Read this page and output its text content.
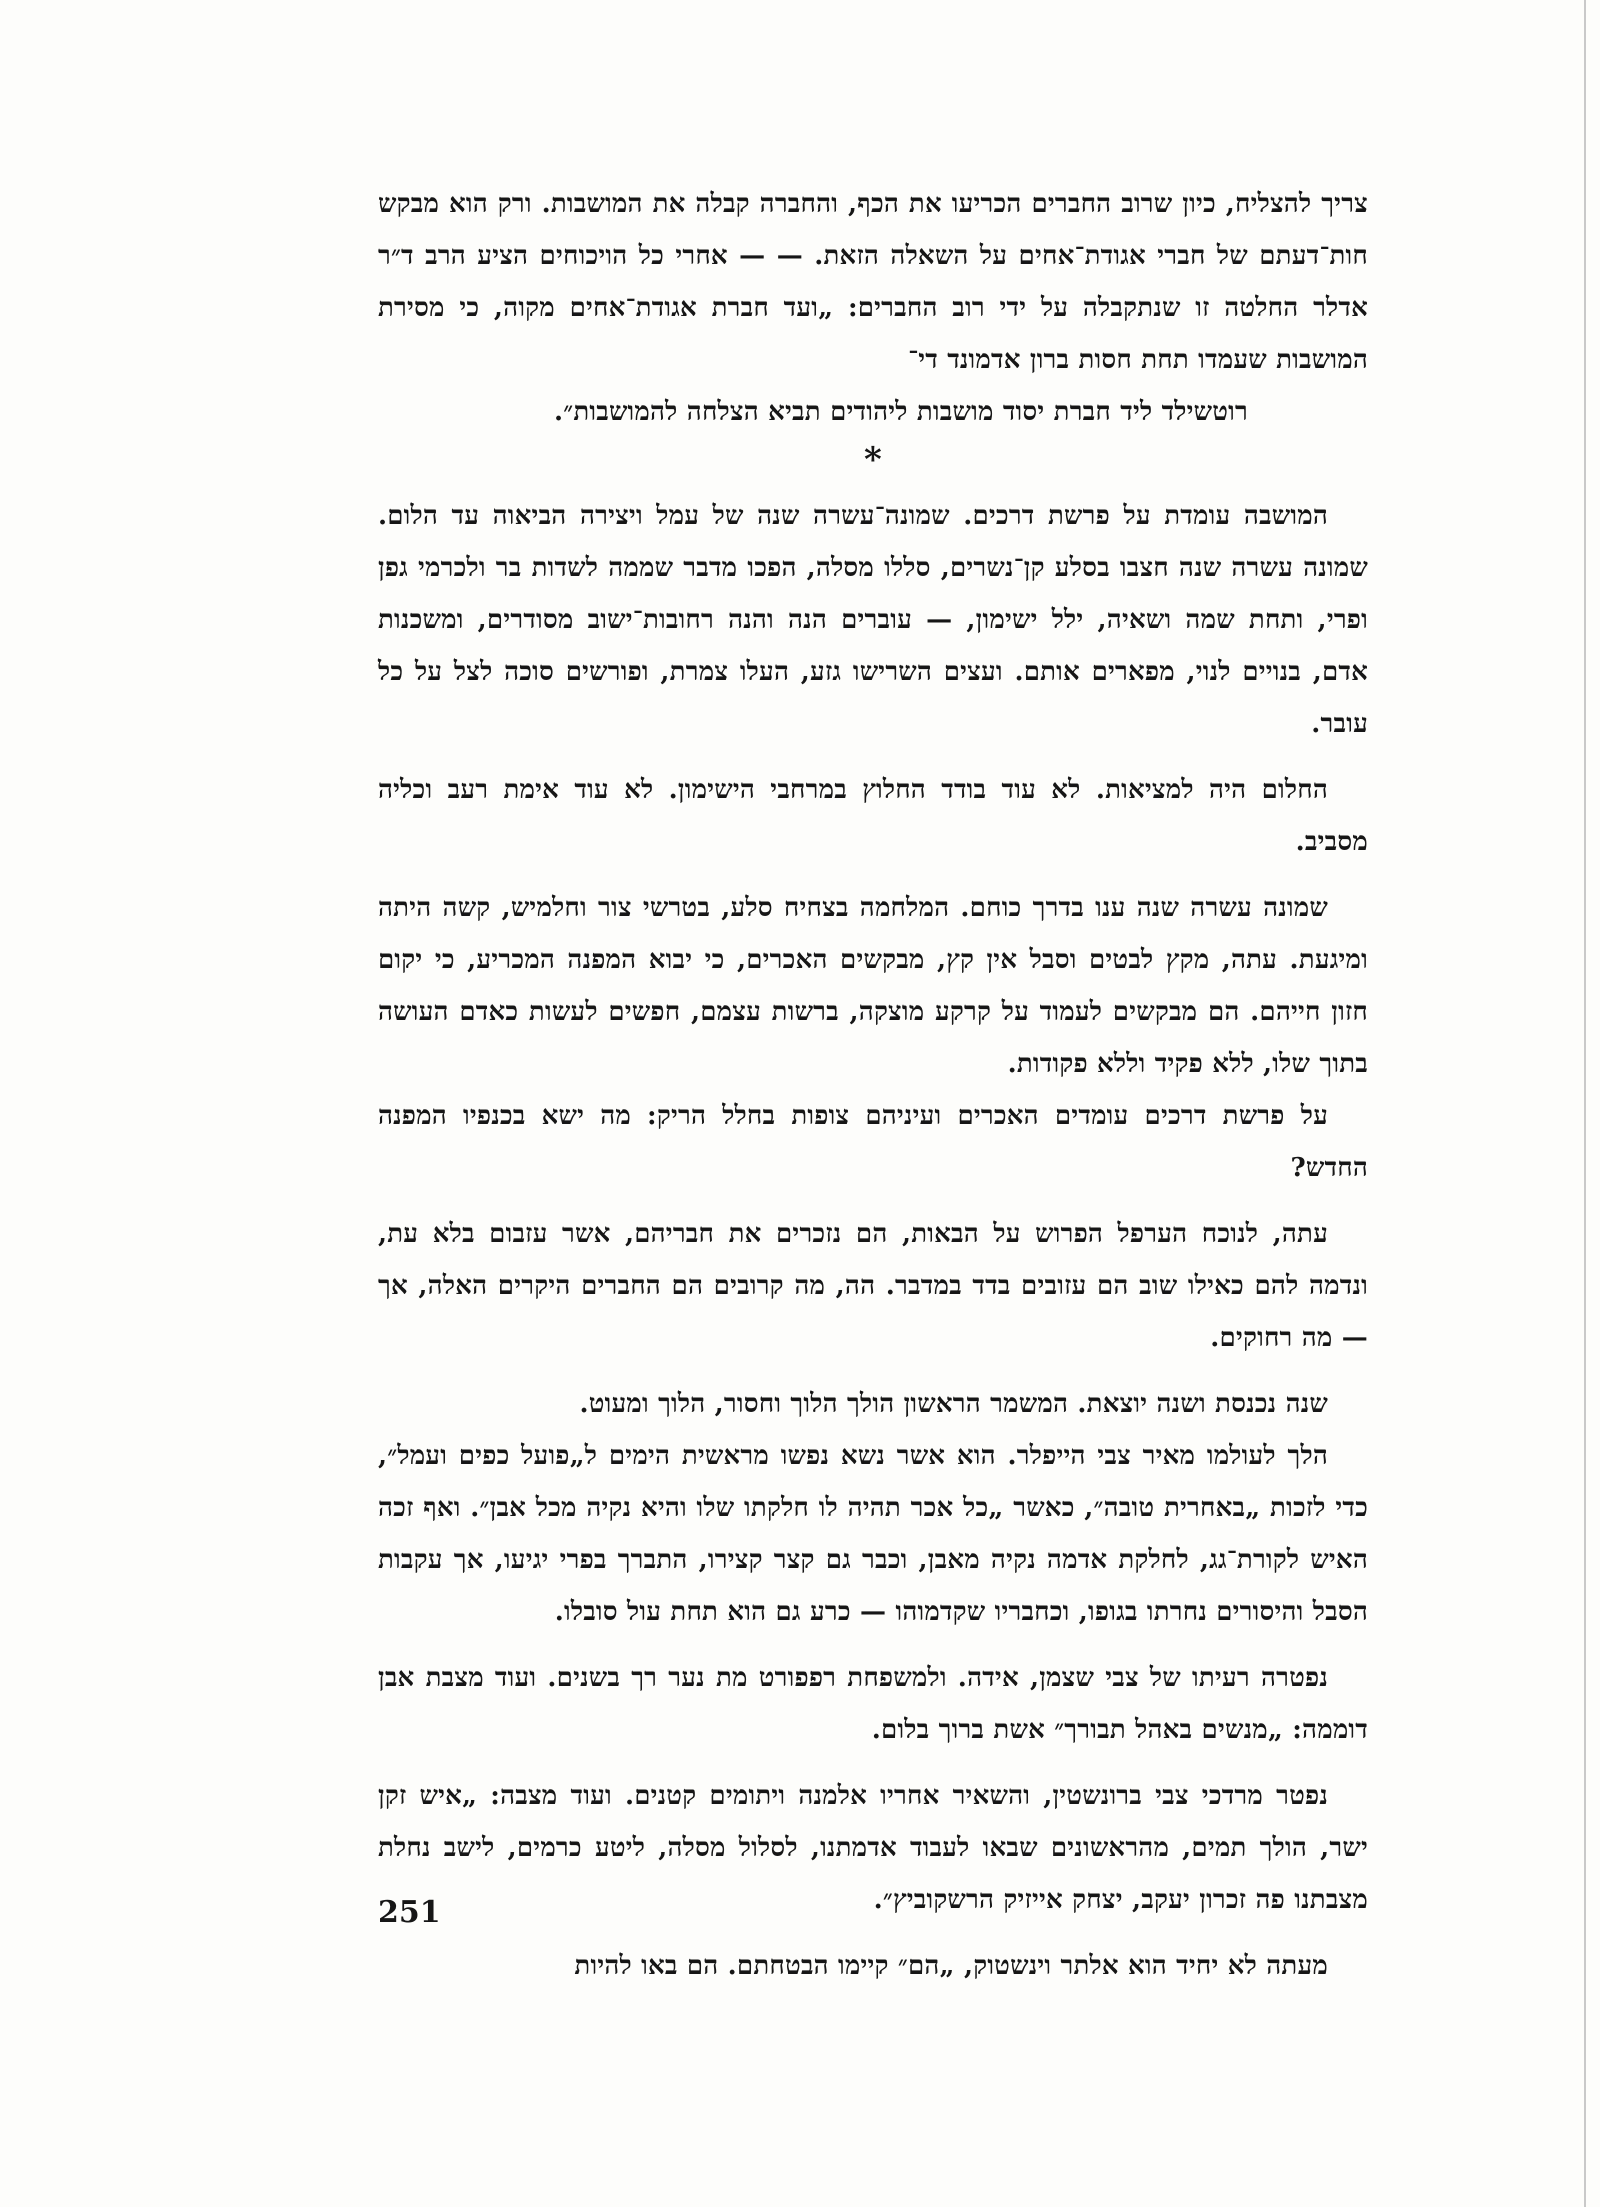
צריך להצליח, כיון שרוב החברים הכריעו את הכף, והחברה קבלה את המושבות. ורק הוא מבקש חות־דעתם של חברי אגודת־אחים על השאלה הזאת. — — אחרי כל הויכוחים הציע הרב ד״ר אדלר החלטה זו שנתקבלה על ידי רוב החברים: „ועד חברת אגודת־אחים מקוה, כי מסירת המושבות שעמדו תחת חסות ברון אדמונד די־

רוטשילד ליד חברת יסוד מושבות ליהודים תביא הצלחה להמושבות״.

*

המושבה עומדת על פרשת דרכים. שמונה־עשרה שנה של עמל ויצירה הביאוה עד הלום. שמונה עשרה שנה חצבו בסלע קן־נשרים, סללו מסלה, הפכו מדבר שממה לשדות בר ולכרמי גפן ופרי, ותחת שמה ושאיה, ילל ישימון, — עוברים הנה והנה רחובות־ישוב מסודרים, ומשכנות אדם, בנויים לנוי, מפארים אותם. ועצים השרישו גזע, העלו צמרת, ופורשים סוכה לצל על כל עובר.

החלום היה למציאות. לא עוד בודד החלוץ במרחבי הישימון. לא עוד אימת רעב וכליה מסביב.

שמונה עשרה שנה ענו בדרך כוחם. המלחמה בצחיח סלע, בטרשי צור וחלמיש, קשה היתה ומיגעת. עתה, מקץ לבטים וסבל אין קץ, מבקשים האכרים, כי יבוא המפנה המכריע, כי יקום חזון חייהם. הם מבקשים לעמוד על קרקע מוצקה, ברשות עצמם, חפשים לעשות כאדם העושה בתוך שלו, ללא פקיד וללא פקודות.

על פרשת דרכים עומדים האכרים ועיניהם צופות בחלל הריק: מה ישא בכנפיו המפנה החדש?

עתה, לנוכח הערפל הפרוש על הבאות, הם נזכרים את חבריהם, אשר עזבום בלא עת, ונדמה להם כאילו שוב הם עזובים בדד במדבר. הה, מה קרובים הם החברים היקרים האלה, אך — מה רחוקים.

שנה נכנסת ושנה יוצאת. המשמר הראשון הולך הלוך וחסור, הלוך ומעוט.

הלך לעולמו מאיר צבי הייפלר. הוא אשר נשא נפשו מראשית הימים ל„פועל כפים ועמל״, כדי לזכות „באחרית טובה״, כאשר „כל אכר תהיה לו חלקתו שלו והיא נקיה מכל אבן״. ואף זכה האיש לקורת־גג, לחלקת אדמה נקיה מאבן, וכבר גם קצר קצירו, התברך בפרי יגיעו, אך עקבות הסבל והיסורים נחרתו בגופו, וכחבריו שקדמוהו — כרע גם הוא תחת עול סובלו.

נפטרה רעיתו של צבי שצמן, אידה. ולמשפחת רפפורט מת נער רך בשנים. ועוד מצבת אבן דוממה: „מנשים באהל תבורך״ אשת ברוך בלום.

נפטר מרדכי צבי ברונשטין, והשאיר אחריו אלמנה ויתומים קטנים. ועוד מצבה: „איש זקן ישר, הולך תמים, מהראשונים שבאו לעבוד אדמתנו, לסלול מסלה, ליטע כרמים, לישב נחלת מצבתנו פה זכרון יעקב, יצחק אייזיק הרשקוביץ״.

מעתה לא יחיד הוא אלתר וינשטוק, „הם״ קיימו הבטחתם. הם באו להיות

251
